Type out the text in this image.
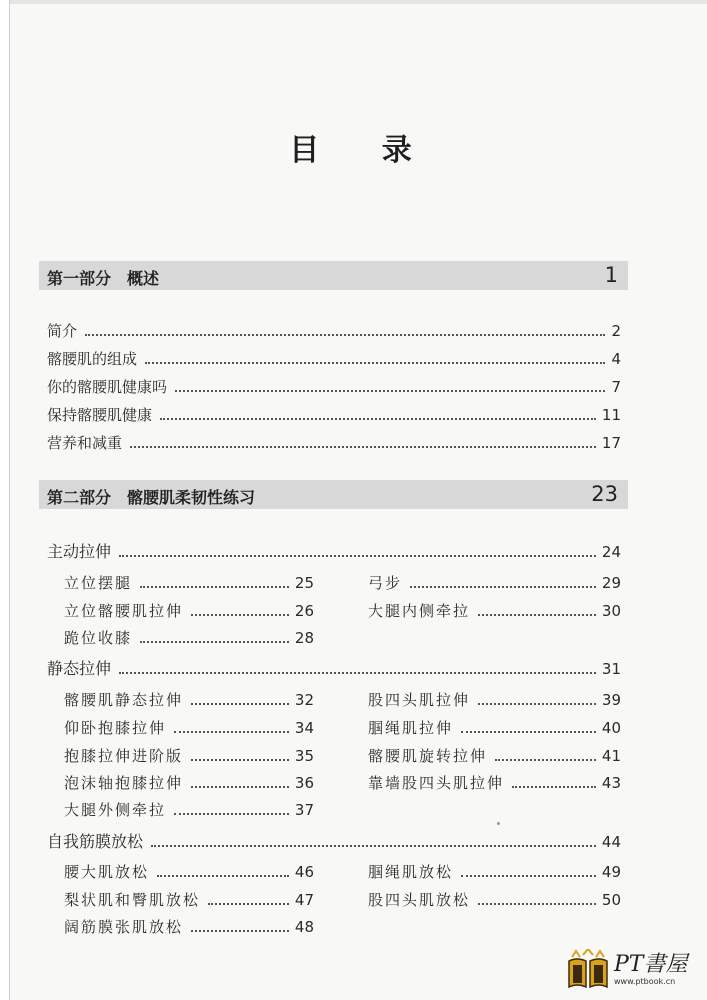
目 录
第一部分　概述	1
简介	2
髂腰肌的组成	4
你的髂腰肌健康吗	7
保持髂腰肌健康	11
营养和减重	17
第二部分　髂腰肌柔韧性练习	23
主动拉伸	24
立位摆腿	25
立位髂腰肌拉伸	26
跪位收膝	28
弓步	29
大腿内侧牵拉	30
静态拉伸	31
髂腰肌静态拉伸	32
仰卧抱膝拉伸	34
抱膝拉伸进阶版	35
泡沫轴抱膝拉伸	36
大腿外侧牵拉	37
股四头肌拉伸	39
腘绳肌拉伸	40
髂腰肌旋转拉伸	41
靠墙股四头肌拉伸	43
自我筋膜放松	44
腰大肌放松	46
梨状肌和臀肌放松	47
阔筋膜张肌放松	48
腘绳肌放松	49
股四头肌放松	50
PT書屋
www.ptbook.cn
